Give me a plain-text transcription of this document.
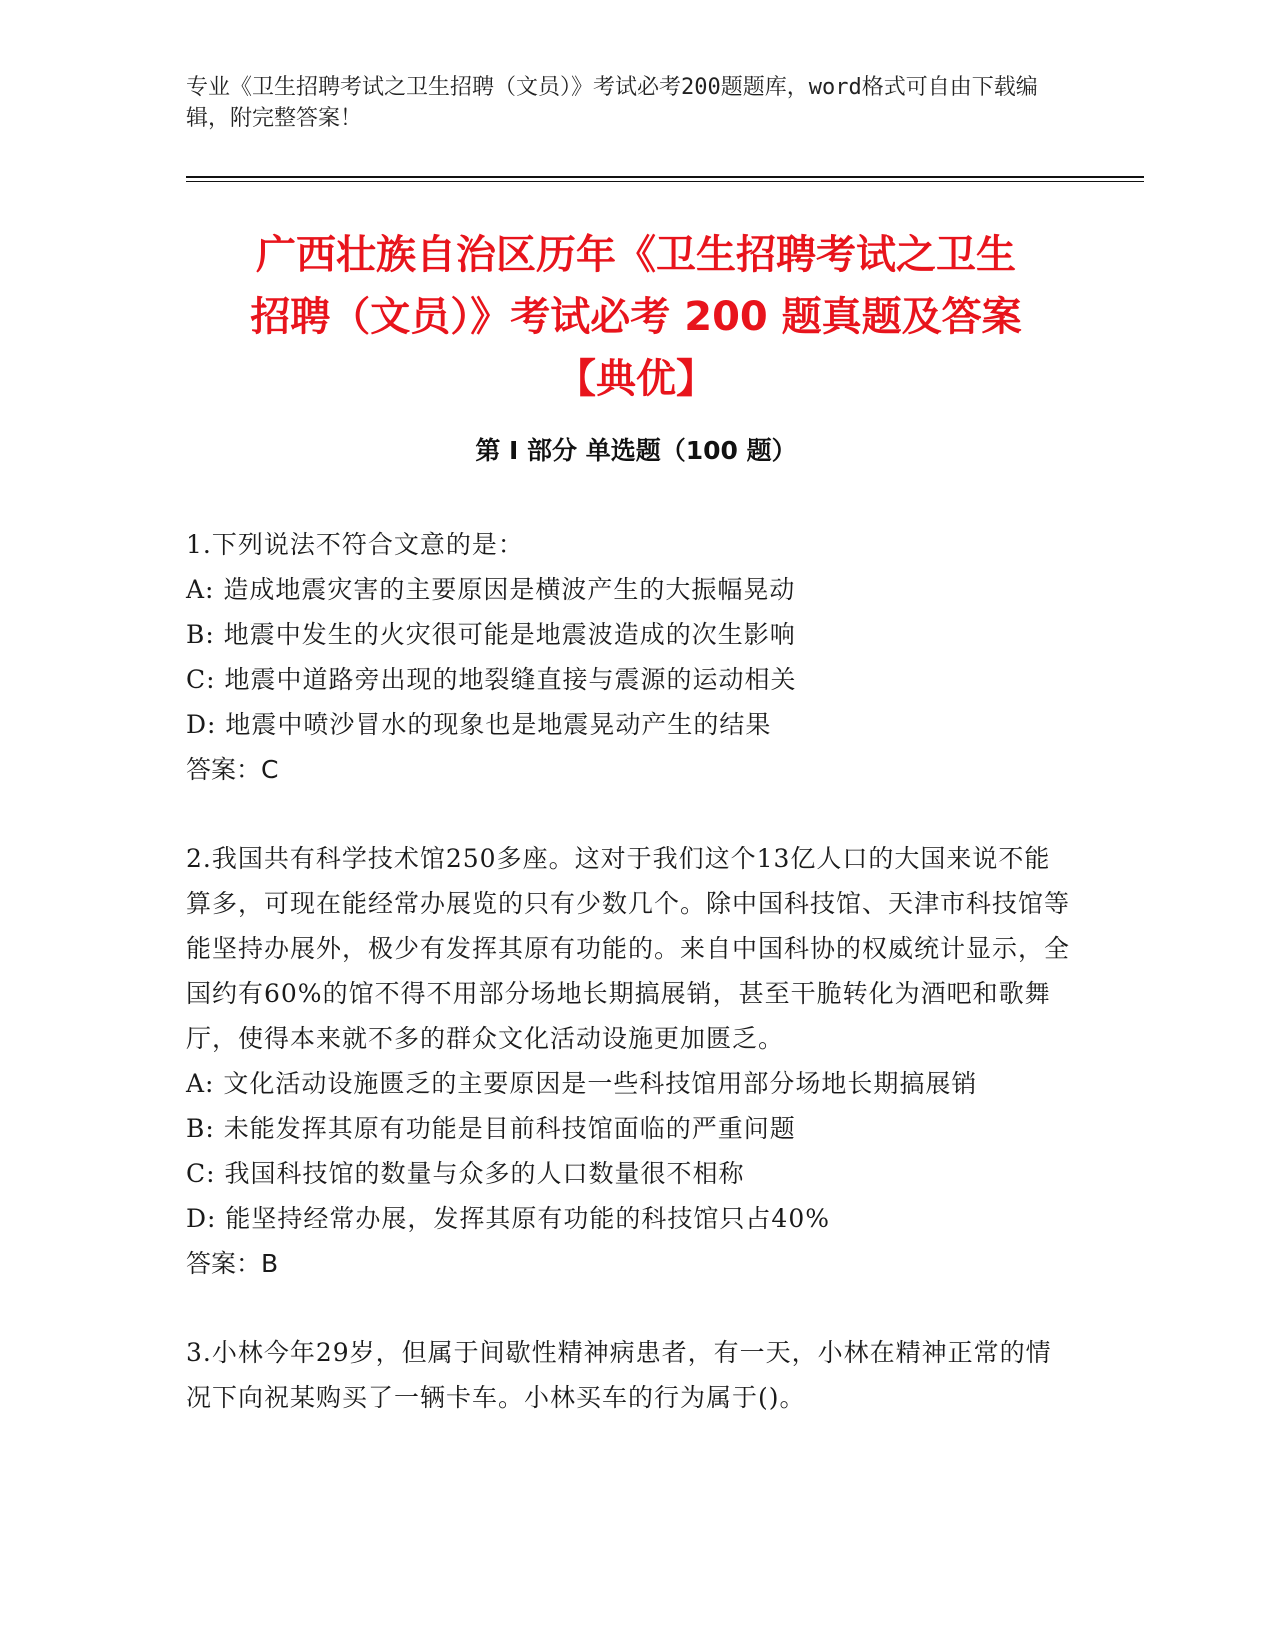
专业《卫生招聘考试之卫生招聘（文员）》考试必考200题题库，word格式可自由下载编辑，附完整答案！
广西壮族自治区历年《卫生招聘考试之卫生
招聘（文员）》考试必考 200 题真题及答案
【典优】
第 I 部分 单选题（100 题）
1.下列说法不符合文意的是：
A: 造成地震灾害的主要原因是横波产生的大振幅晃动
B: 地震中发生的火灾很可能是地震波造成的次生影响
C: 地震中道路旁出现的地裂缝直接与震源的运动相关
D: 地震中喷沙冒水的现象也是地震晃动产生的结果
答案：C
2.我国共有科学技术馆250多座。这对于我们这个13亿人口的大国来说不能算多，可现在能经常办展览的只有少数几个。除中国科技馆、天津市科技馆等能坚持办展外，极少有发挥其原有功能的。来自中国科协的权威统计显示，全国约有60%的馆不得不用部分场地长期搞展销，甚至干脆转化为酒吧和歌舞厅，使得本来就不多的群众文化活动设施更加匮乏。
A: 文化活动设施匮乏的主要原因是一些科技馆用部分场地长期搞展销
B: 未能发挥其原有功能是目前科技馆面临的严重问题
C: 我国科技馆的数量与众多的人口数量很不相称
D: 能坚持经常办展，发挥其原有功能的科技馆只占40%
答案：B
3.小林今年29岁，但属于间歇性精神病患者，有一天，小林在精神正常的情况下向祝某购买了一辆卡车。小林买车的行为属于()。
